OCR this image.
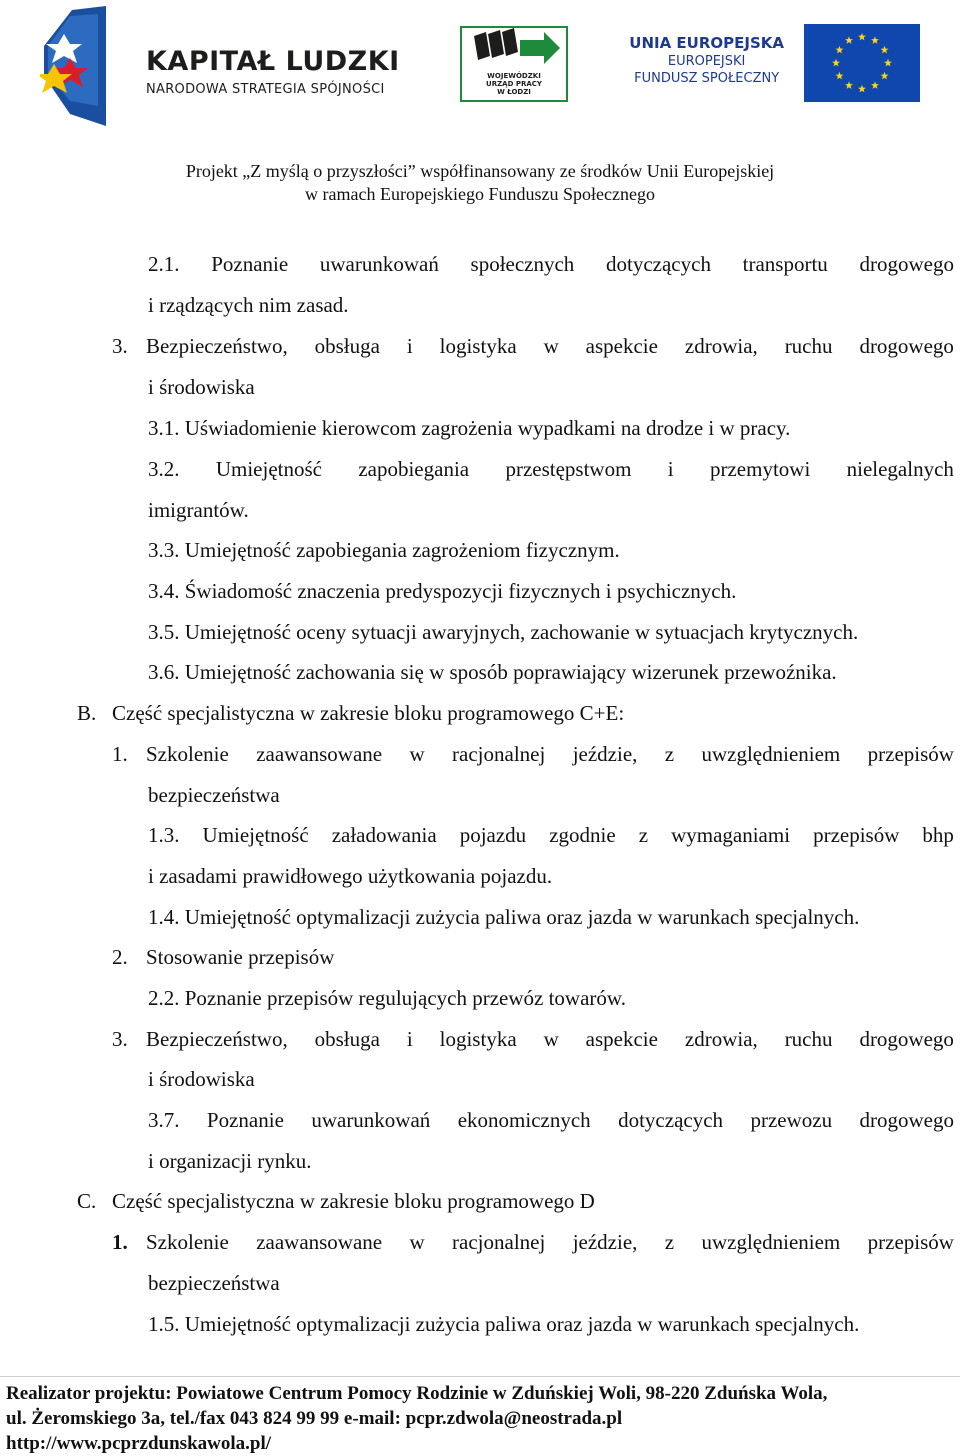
KAPITAŁ LUDZKI
NARODOWA STRATEGIA SPÓJNOŚCI
WOJEWÓDZKI
URZĄD PRACY
W ŁODZI
UNIA EUROPEJSKA
EUROPEJSKI
FUNDUSZ SPOŁECZNY
Projekt „Z myślą o przyszłości” współfinansowany ze środków Unii Europejskiej
w ramach Europejskiego Funduszu Społecznego
2.1. Poznanie uwarunkowań społecznych dotyczących transportu drogowego
i rządzących nim zasad.
3. Bezpieczeństwo, obsługa i logistyka w aspekcie zdrowia, ruchu drogowego
i środowiska
3.1. Uświadomienie kierowcom zagrożenia wypadkami na drodze i w pracy.
3.2. Umiejętność zapobiegania przestępstwom i przemytowi nielegalnych
imigrantów.
3.3. Umiejętność zapobiegania zagrożeniom fizycznym.
3.4. Świadomość znaczenia predyspozycji fizycznych i psychicznych.
3.5. Umiejętność oceny sytuacji awaryjnych, zachowanie w sytuacjach krytycznych.
3.6. Umiejętność zachowania się w sposób poprawiający wizerunek przewoźnika.
B. Część specjalistyczna w zakresie bloku programowego C+E:
1. Szkolenie zaawansowane w racjonalnej jeździe, z uwzględnieniem przepisów
bezpieczeństwa
1.3. Umiejętność załadowania pojazdu zgodnie z wymaganiami przepisów bhp
i zasadami prawidłowego użytkowania pojazdu.
1.4. Umiejętność optymalizacji zużycia paliwa oraz jazda w warunkach specjalnych.
2. Stosowanie przepisów
2.2. Poznanie przepisów regulujących przewóz towarów.
3. Bezpieczeństwo, obsługa i logistyka w aspekcie zdrowia, ruchu drogowego
i środowiska
3.7. Poznanie uwarunkowań ekonomicznych dotyczących przewozu drogowego
i organizacji rynku.
C. Część specjalistyczna w zakresie bloku programowego D
1. Szkolenie zaawansowane w racjonalnej jeździe, z uwzględnieniem przepisów
bezpieczeństwa
1.5. Umiejętność optymalizacji zużycia paliwa oraz jazda w warunkach specjalnych.
Realizator projektu: Powiatowe Centrum Pomocy Rodzinie w Zduńskiej Woli, 98-220 Zduńska Wola,
ul. Żeromskiego 3a, tel./fax 043 824 99 99 e-mail: pcpr.zdwola@neostrada.pl
http://www.pcprzdunskawola.pl/
